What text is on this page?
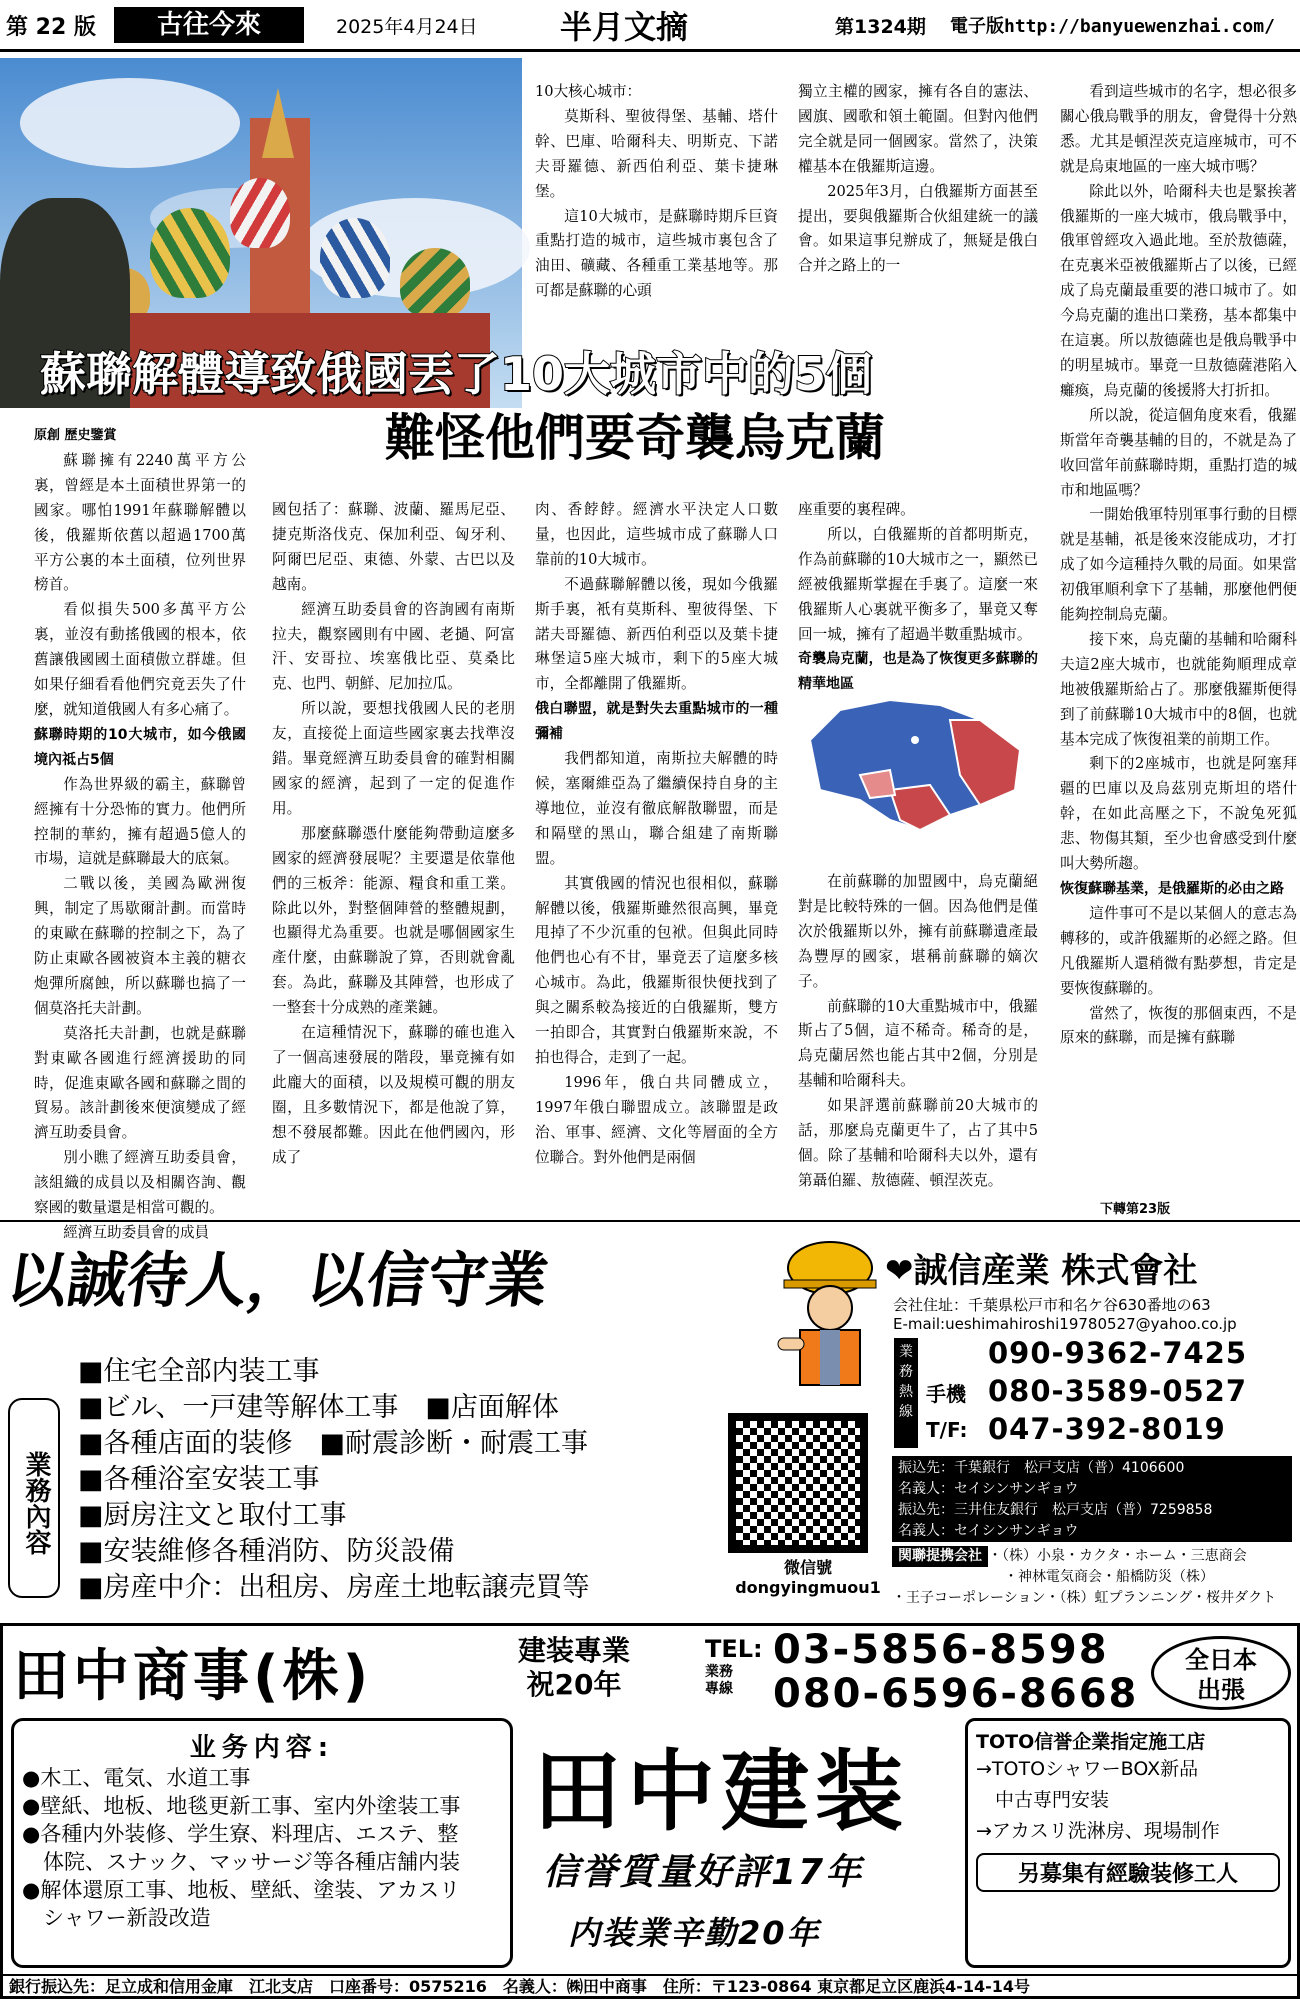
第 22 版	古往今來	2025年4月24日	半月文摘	第1324期 電子版http://banyuewenzhai.com/
蘇聯解體導致俄國丟了10大城市中的5個
難怪他們要奇襲烏克蘭

原創 歷史鑒賞

蘇聯擁有2240萬平方公裏，曾經是本土面積世界第一的國家。哪怕1991年蘇聯解體以後，俄羅斯依舊以超過1700萬平方公裏的本土面積，位列世界榜首。

看似損失500多萬平方公裏，並沒有動搖俄國的根本，依舊讓俄國國土面積傲立群雄。但如果仔細看看他們究竟丟失了什麼，就知道俄國人有多心痛了。

蘇聯時期的10大城市，如今俄國境內祗占5個

作為世界級的霸主，蘇聯曾經擁有十分恐怖的實力。他們所控制的華約，擁有超過5億人的市場，這就是蘇聯最大的底氣。

二戰以後，美國為歐洲復興，制定了馬歇爾計劃。而當時的東歐在蘇聯的控制之下，為了防止東歐各國被資本主義的糖衣炮彈所腐蝕，所以蘇聯也搞了一個莫洛托夫計劃。

莫洛托夫計劃，也就是蘇聯對東歐各國進行經濟援助的同時，促進東歐各國和蘇聯之間的貿易。該計劃後來便演變成了經濟互助委員會。

別小瞧了經濟互助委員會，該組織的成員以及相關咨詢、觀察國的數量還是相當可觀的。

經濟互助委員會的成員

國包括了：蘇聯、波蘭、羅馬尼亞、捷克斯洛伐克、保加利亞、匈牙利、阿爾巴尼亞、東德、外蒙、古巴以及越南。

經濟互助委員會的咨詢國有南斯拉夫，觀察國則有中國、老撾、阿富汗、安哥拉、埃塞俄比亞、莫桑比克、也門、朝鮮、尼加拉瓜。

所以說，要想找俄國人民的老朋友，直接從上面這些國家裏去找準沒錯。畢竟經濟互助委員會的確對相關國家的經濟，起到了一定的促進作用。

那麼蘇聯憑什麼能夠帶動這麼多國家的經濟發展呢？主要還是依靠他們的三板斧：能源、糧食和重工業。除此以外，對整個陣營的整體規劃，也顯得尤為重要。也就是哪個國家生產什麼，由蘇聯說了算，否則就會亂套。為此，蘇聯及其陣營，也形成了一整套十分成熟的產業鏈。

在這種情況下，蘇聯的確也進入了一個高速發展的階段，畢竟擁有如此龐大的面積，以及規模可觀的朋友圈，且多數情況下，都是他說了算，想不發展都難。因此在他們國內，形成了

10大核心城市：

莫斯科、聖彼得堡、基輔、塔什幹、巴庫、哈爾科夫、明斯克、下諾夫哥羅德、新西伯利亞、葉卡捷琳堡。

這10大城市，是蘇聯時期斥巨資重點打造的城市，這些城市裏包含了油田、礦藏、各種重工業基地等。那可都是蘇聯的心頭

肉、香餑餑。經濟水平決定人口數量，也因此，這些城市成了蘇聯人口靠前的10大城市。

不過蘇聯解體以後，現如今俄羅斯手裏，衹有莫斯科、聖彼得堡、下諾夫哥羅德、新西伯利亞以及葉卡捷琳堡這5座大城市，剩下的5座大城市，全都離開了俄羅斯。

俄白聯盟，就是對失去重點城市的一種彌補

我們都知道，南斯拉夫解體的時候，塞爾維亞為了繼續保持自身的主導地位，並沒有徹底解散聯盟，而是和隔壁的黑山，聯合組建了南斯聯盟。

其實俄國的情況也很相似，蘇聯解體以後，俄羅斯雖然很高興，畢竟甩掉了不少沉重的包袱。但與此同時他們也心有不甘，畢竟丟了這麼多核心城市。為此，俄羅斯很快便找到了與之關系較為接近的白俄羅斯，雙方一拍即合，其實對白俄羅斯來說，不拍也得合，走到了一起。

1996年，俄白共同體成立，1997年俄白聯盟成立。該聯盟是政治、軍事、經濟、文化等層面的全方位聯合。對外他們是兩個

獨立主權的國家，擁有各自的憲法、國旗、國歌和領土範圍。但對內他們完全就是同一個國家。當然了，決策權基本在俄羅斯這邊。

2025年3月，白俄羅斯方面甚至提出，要與俄羅斯合伙組建統一的議會。如果這事兒辦成了，無疑是俄白合并之路上的一

座重要的裏程碑。

所以，白俄羅斯的首都明斯克，作為前蘇聯的10大城市之一，顯然已經被俄羅斯掌握在手裏了。這麼一來俄羅斯人心裏就平衡多了，畢竟又奪回一城，擁有了超過半數重點城市。

奇襲烏克蘭，也是為了恢復更多蘇聯的精華地區

在前蘇聯的加盟國中，烏克蘭絕對是比較特殊的一個。因為他們是僅次於俄羅斯以外，擁有前蘇聯遺產最為豐厚的國家，堪稱前蘇聯的嫡次子。

前蘇聯的10大重點城市中，俄羅斯占了5個，這不稀奇。稀奇的是，烏克蘭居然也能占其中2個，分別是基輔和哈爾科夫。

如果評選前蘇聯前20大城市的話，那麼烏克蘭更牛了，占了其中5個。除了基輔和哈爾科夫以外，還有第聶伯羅、敖德薩、頓涅茨克。

看到這些城市的名字，想必很多關心俄烏戰爭的朋友，會覺得十分熟悉。尤其是頓涅茨克這座城市，可不就是烏東地區的一座大城市嗎？

除此以外，哈爾科夫也是緊挨著俄羅斯的一座大城市，俄烏戰爭中，俄軍曾經攻入過此地。至於敖德薩，在克裏米亞被俄羅斯占了以後，已經成了烏克蘭最重要的港口城市了。如今烏克蘭的進出口業務，基本都集中在這裏。所以敖德薩也是俄烏戰爭中的明星城市。畢竟一旦敖德薩港陷入癱瘓，烏克蘭的後援將大打折扣。

所以說，從這個角度來看，俄羅斯當年奇襲基輔的目的，不就是為了收回當年前蘇聯時期，重點打造的城市和地區嗎？

一開始俄軍特別軍事行動的目標就是基輔，祇是後來沒能成功，才打成了如今這種持久戰的局面。如果當初俄軍順利拿下了基輔，那麼他們便能夠控制烏克蘭。

接下來，烏克蘭的基輔和哈爾科夫這2座大城市，也就能夠順理成章地被俄羅斯給占了。那麼俄羅斯便得到了前蘇聯10大城市中的8個，也就基本完成了恢復祖業的前期工作。

剩下的2座城市，也就是阿塞拜疆的巴庫以及烏茲別克斯坦的塔什幹，在如此高壓之下，不說兔死狐悲、物傷其類，至少也會感受到什麼叫大勢所趨。

恢復蘇聯基業，是俄羅斯的必由之路

這件事可不是以某個人的意志為轉移的，或許俄羅斯的必經之路。但凡俄羅斯人還稍微有點夢想，肯定是要恢復蘇聯的。

當然了，恢復的那個東西，不是原來的蘇聯，而是擁有蘇聯

下轉第23版
以誠待人，以信守業
業務內容
■住宅全部内装工事
■ビル、一戸建等解体工事　■店面解体
■各種店面的装修　■耐震診断・耐震工事
■各種浴室安装工事
■厨房注文と取付工事
■安装維修各種消防、防災設備
■房産中介：出租房、房産土地転譲売買等
微信號
dongyingmuou1
❤誠信産業 株式會社
会社住址：千葉県松戸市和名ケ谷630番地の63
E-mail:ueshimahiroshi19780527@yahoo.co.jp
業務熱線
手機
090-9362-7425
080-3589-0527
T/F: 047-392-8019
振込先：千葉銀行　松戸支店（普）4106600
名義人：セイシンサンギョウ
振込先：三井住友銀行　松戸支店（普）7259858
名義人：セイシンサンギョウ
関聯提携会社 ・（株）小泉・カクタ・ホーム・三恵商会
・神林電気商会・船橋防災（株）
・王子コーポレーション・（株）虹プランニング・桜井ダクト
田中商事(株)	建装專業
祝20年
TEL:
業務
專線
03-5856-8598
080-6596-8668
全日本
出張
业务内容:
●木工、電気、水道工事
●壁紙、地板、地毯更新工事、室内外塗装工事
●各種内外装修、学生寮、料理店、エステ、整
　体院、スナック、マッサージ等各種店舗内装
●解体還原工事、地板、壁紙、塗装、アカスリ
　シャワー新設改造
田中建装
信誉質量好評17年
内装業辛勤20年
TOTO信誉企業指定施工店
→TOTOシャワーBOX新品
　中古専門安装
→アカスリ洗淋房、現場制作
另募集有經驗装修工人
銀行振込先：足立成和信用金庫　江北支店　口座番号：0575216　名義人：㈱田中商事　住所：〒123-0864 東京都足立区鹿浜4-14-14号
